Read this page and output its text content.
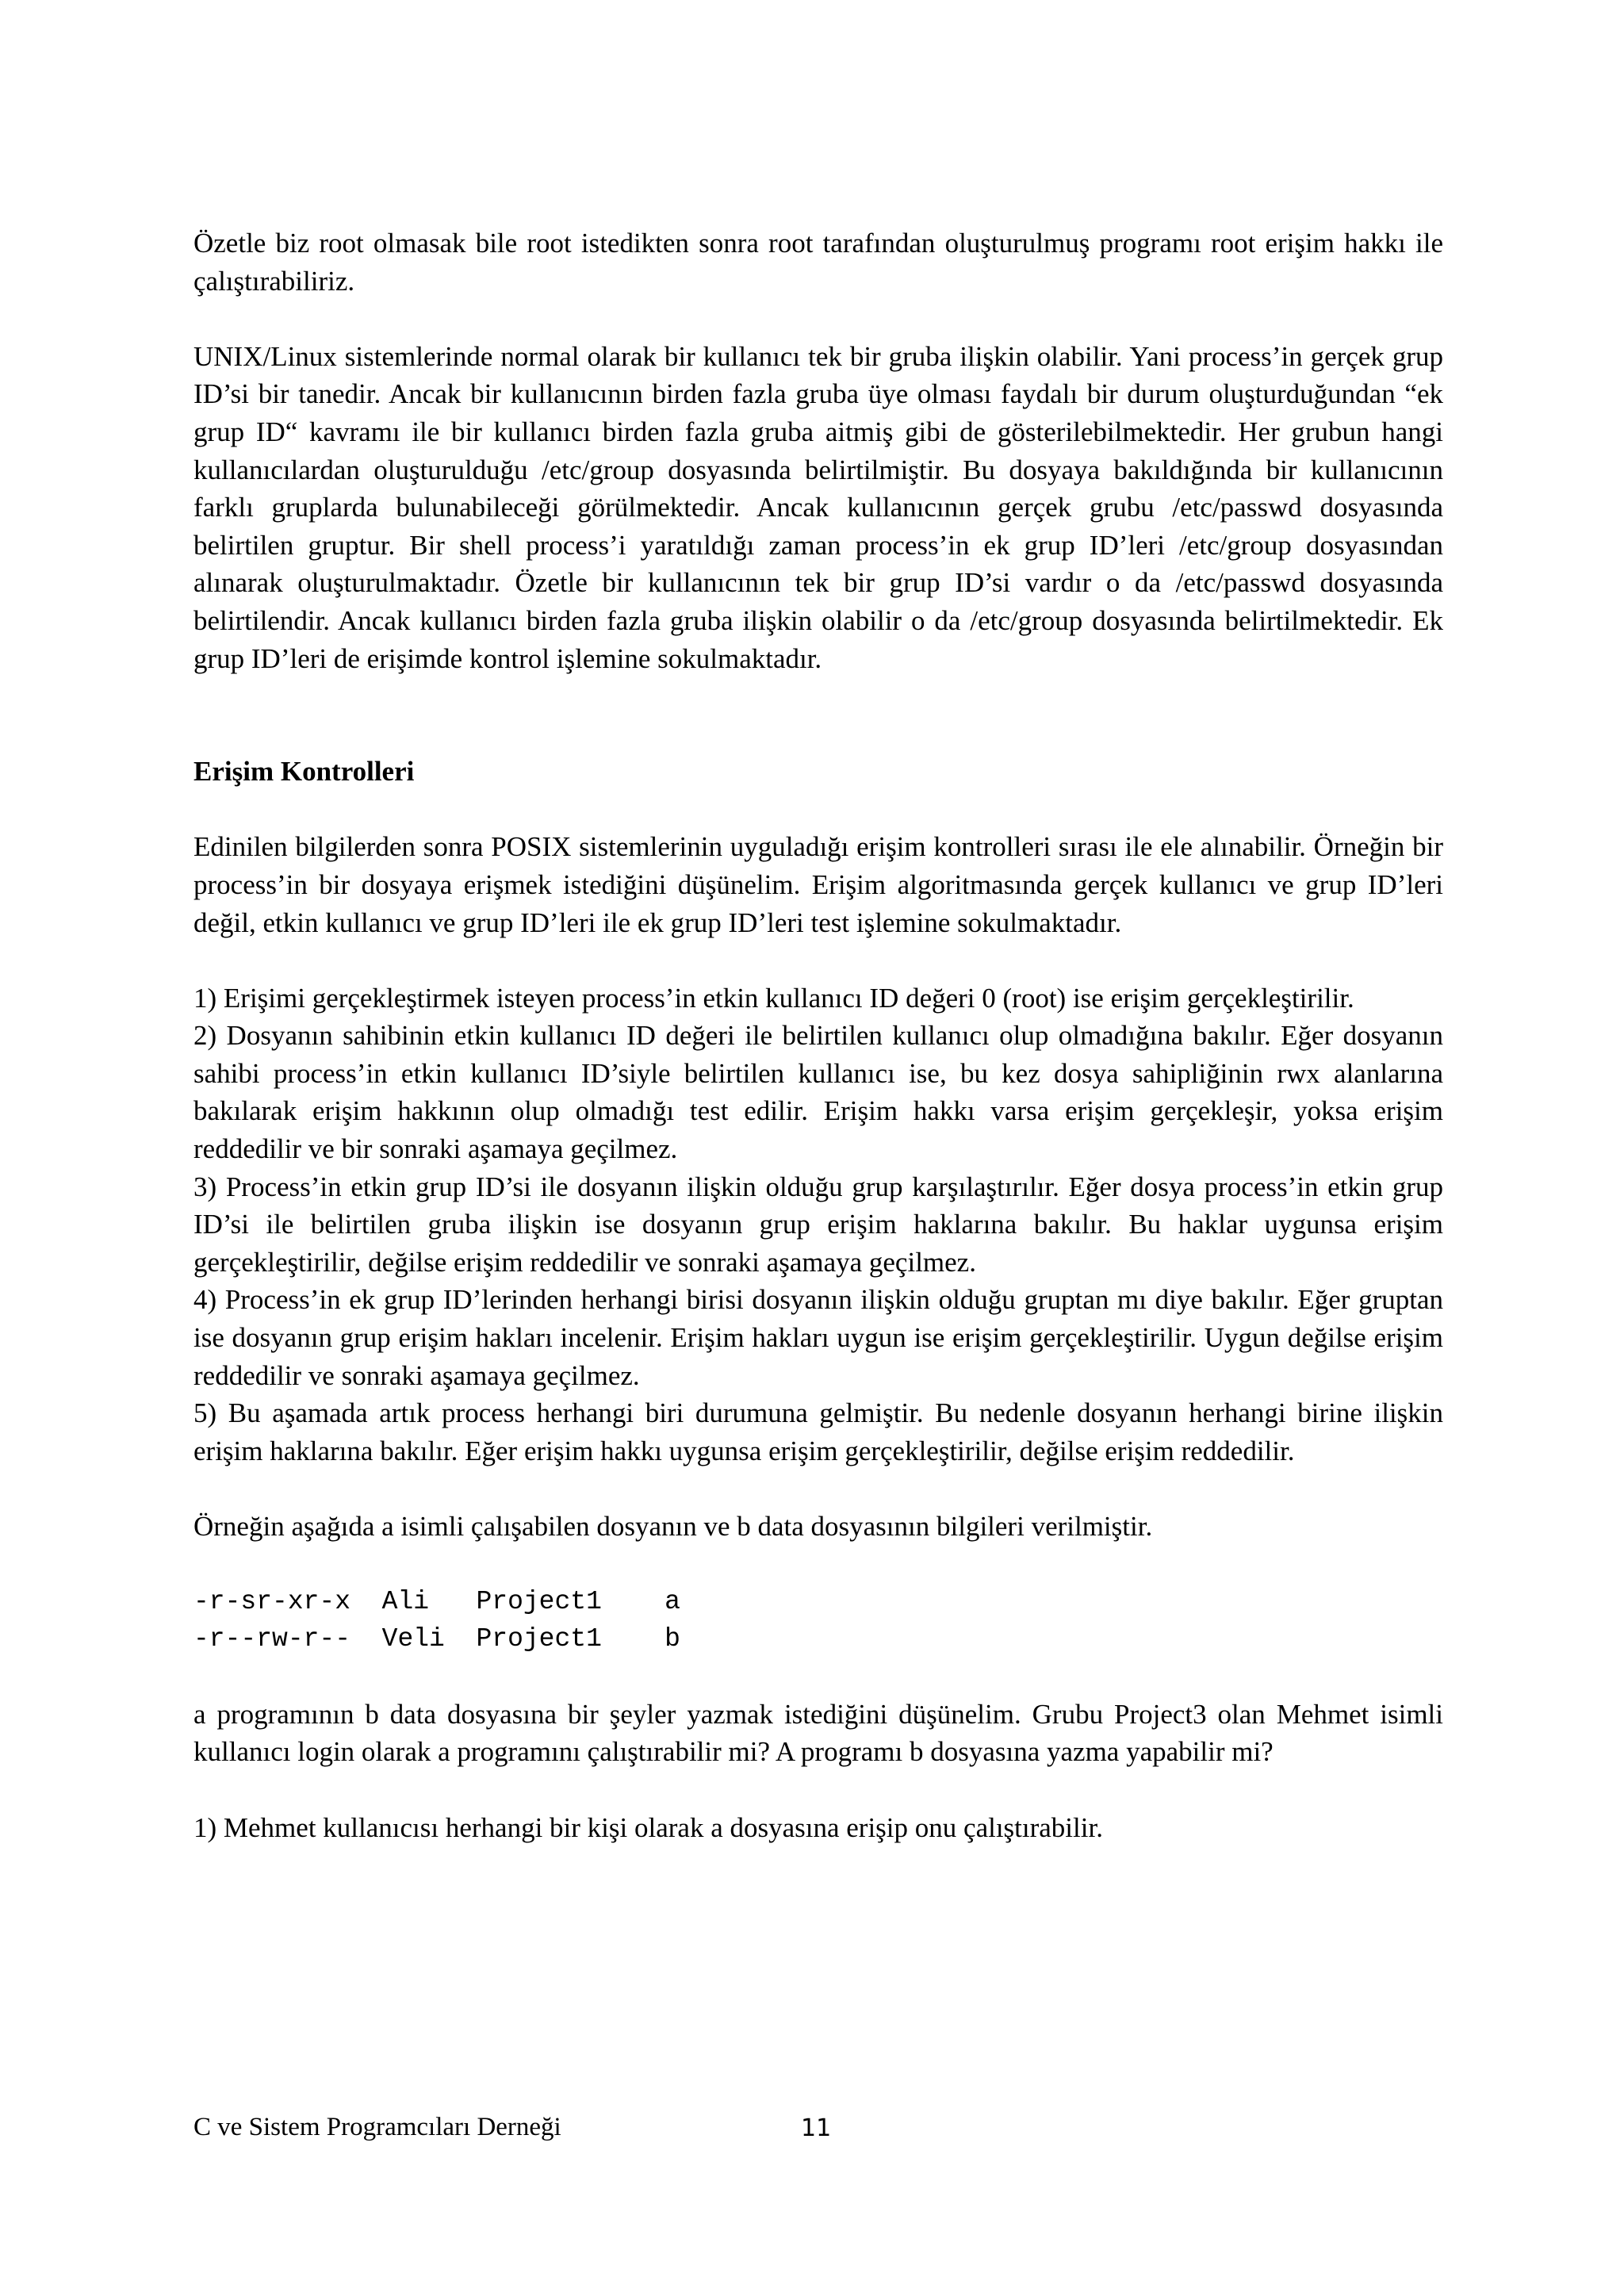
Özetle biz root olmasak bile root istedikten sonra root tarafından oluşturulmuş programı root erişim hakkı ile çalıştırabiliriz.

UNIX/Linux sistemlerinde normal olarak bir kullanıcı tek bir gruba ilişkin olabilir. Yani process’in gerçek grup ID’si bir tanedir. Ancak bir kullanıcının birden fazla gruba üye olması faydalı bir durum oluşturduğundan “ek grup ID“ kavramı ile bir kullanıcı birden fazla gruba aitmiş gibi de gösterilebilmektedir. Her grubun hangi kullanıcılardan oluşturulduğu /etc/group dosyasında belirtilmiştir. Bu dosyaya bakıldığında bir kullanıcının farklı gruplarda bulunabileceği görülmektedir. Ancak kullanıcının gerçek grubu /etc/passwd dosyasında belirtilen gruptur. Bir shell process’i yaratıldığı zaman process’in ek grup ID’leri /etc/group dosyasından alınarak oluşturulmaktadır. Özetle bir kullanıcının tek bir grup ID’si vardır o da /etc/passwd dosyasında belirtilendir. Ancak kullanıcı birden fazla gruba ilişkin olabilir o da /etc/group dosyasında belirtilmektedir. Ek grup ID’leri de erişimde kontrol işlemine sokulmaktadır.

Erişim Kontrolleri

Edinilen bilgilerden sonra POSIX sistemlerinin uyguladığı erişim kontrolleri sırası ile ele alınabilir. Örneğin bir process’in bir dosyaya erişmek istediğini düşünelim. Erişim algoritmasında gerçek kullanıcı ve grup ID’leri değil, etkin kullanıcı ve grup ID’leri ile ek grup ID’leri test işlemine sokulmaktadır.

1) Erişimi gerçekleştirmek isteyen process’in etkin kullanıcı ID değeri 0 (root) ise erişim gerçekleştirilir.

2) Dosyanın sahibinin etkin kullanıcı ID değeri ile belirtilen kullanıcı olup olmadığına bakılır. Eğer dosyanın sahibi process’in etkin kullanıcı ID’siyle belirtilen kullanıcı ise, bu kez dosya sahipliğinin rwx alanlarına bakılarak erişim hakkının olup olmadığı test edilir. Erişim hakkı varsa erişim gerçekleşir, yoksa erişim reddedilir ve bir sonraki aşamaya geçilmez.

3) Process’in etkin grup ID’si ile dosyanın ilişkin olduğu grup karşılaştırılır. Eğer dosya process’in etkin grup ID’si ile belirtilen gruba ilişkin ise dosyanın grup erişim haklarına bakılır. Bu haklar uygunsa erişim gerçekleştirilir, değilse erişim reddedilir ve sonraki aşamaya geçilmez.

4) Process’in ek grup ID’lerinden herhangi birisi dosyanın ilişkin olduğu gruptan mı diye bakılır. Eğer gruptan ise dosyanın grup erişim hakları incelenir. Erişim hakları uygun ise erişim gerçekleştirilir. Uygun değilse erişim reddedilir ve sonraki aşamaya geçilmez.

5) Bu aşamada artık process herhangi biri durumuna gelmiştir. Bu nedenle dosyanın herhangi birine ilişkin erişim haklarına bakılır. Eğer erişim hakkı uygunsa erişim gerçekleştirilir, değilse erişim reddedilir.

Örneğin aşağıda a isimli çalışabilen dosyanın ve b data dosyasının bilgileri verilmiştir.

-r-sr-xr-x  Ali   Project1    a

-r--rw-r--  Veli  Project1    b

a programının b data dosyasına bir şeyler yazmak istediğini düşünelim. Grubu Project3 olan Mehmet isimli kullanıcı login olarak a programını çalıştırabilir mi? A programı b dosyasına yazma yapabilir mi?

1) Mehmet kullanıcısı herhangi bir kişi olarak a dosyasına erişip onu çalıştırabilir.

C ve Sistem Programcıları Derneği	11
